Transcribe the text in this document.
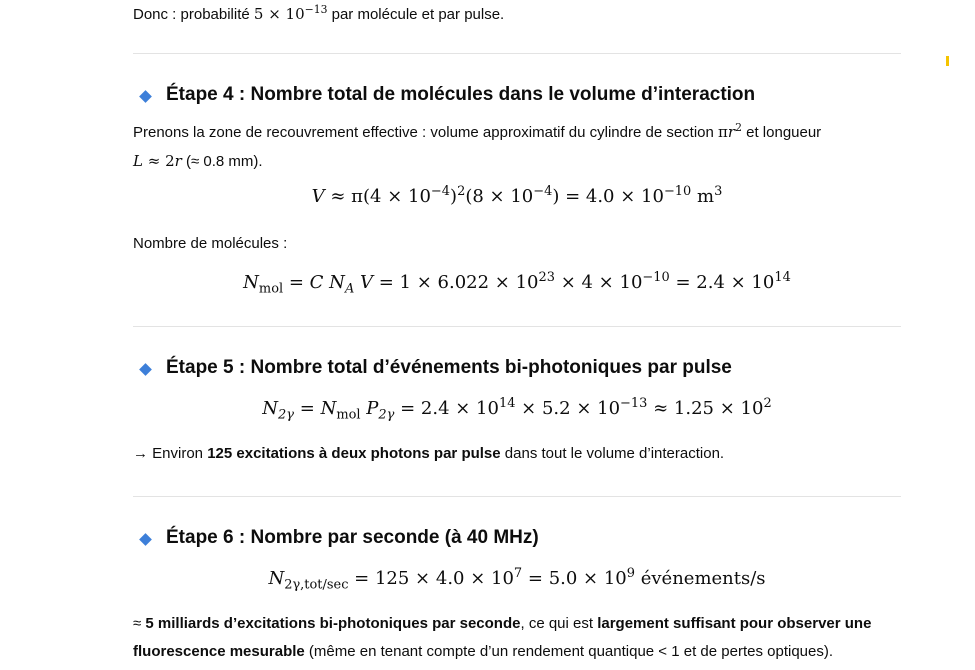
Donc : probabilité $5 \times 10^{-13}$ par molécule et par pulse.

Étape 4 : Nombre total de molécules dans le volume d’interaction

Prenons la zone de recouvrement effective : volume approximatif du cylindre de section $\pi r^2$ et longueur
L ≈ 2r (≈ 0.8 mm).

$V \approx \pi(4 \times 10^{-4})^2(8 \times 10^{-4}) = 4.0 \times 10^{-10}$ $m^3$

Nombre de molécules :

$N_{mol} = C$ $N_A$ $V = 1 \times 6.022 \times 10^{23} \times 4 \times 10^{-10} = 2.4 \times 10^{14}$

Étape 5 : Nombre total d’événements bi-photoniques par pulse

$N_{2\gamma} = N_{mol}$ $P_{2\gamma} = 2.4 \times 10^{14} \times 5.2 \times 10^{-13} \approx 1.25 \times 10^2$

→ Environ 125 excitations à deux photons par pulse dans tout le volume d’interaction.

Étape 6 : Nombre par seconde (à 40 MHz)

$N_{2\gamma,tot/sec} = 125 \times 4.0 \times 10^7 = 5.0 \times 10^9$ événements/s

≈ 5 milliards d’excitations bi-photoniques par seconde, ce qui est largement suffisant pour observer une fluorescence mesurable (même en tenant compte d’un rendement quantique < 1 et de pertes optiques).
